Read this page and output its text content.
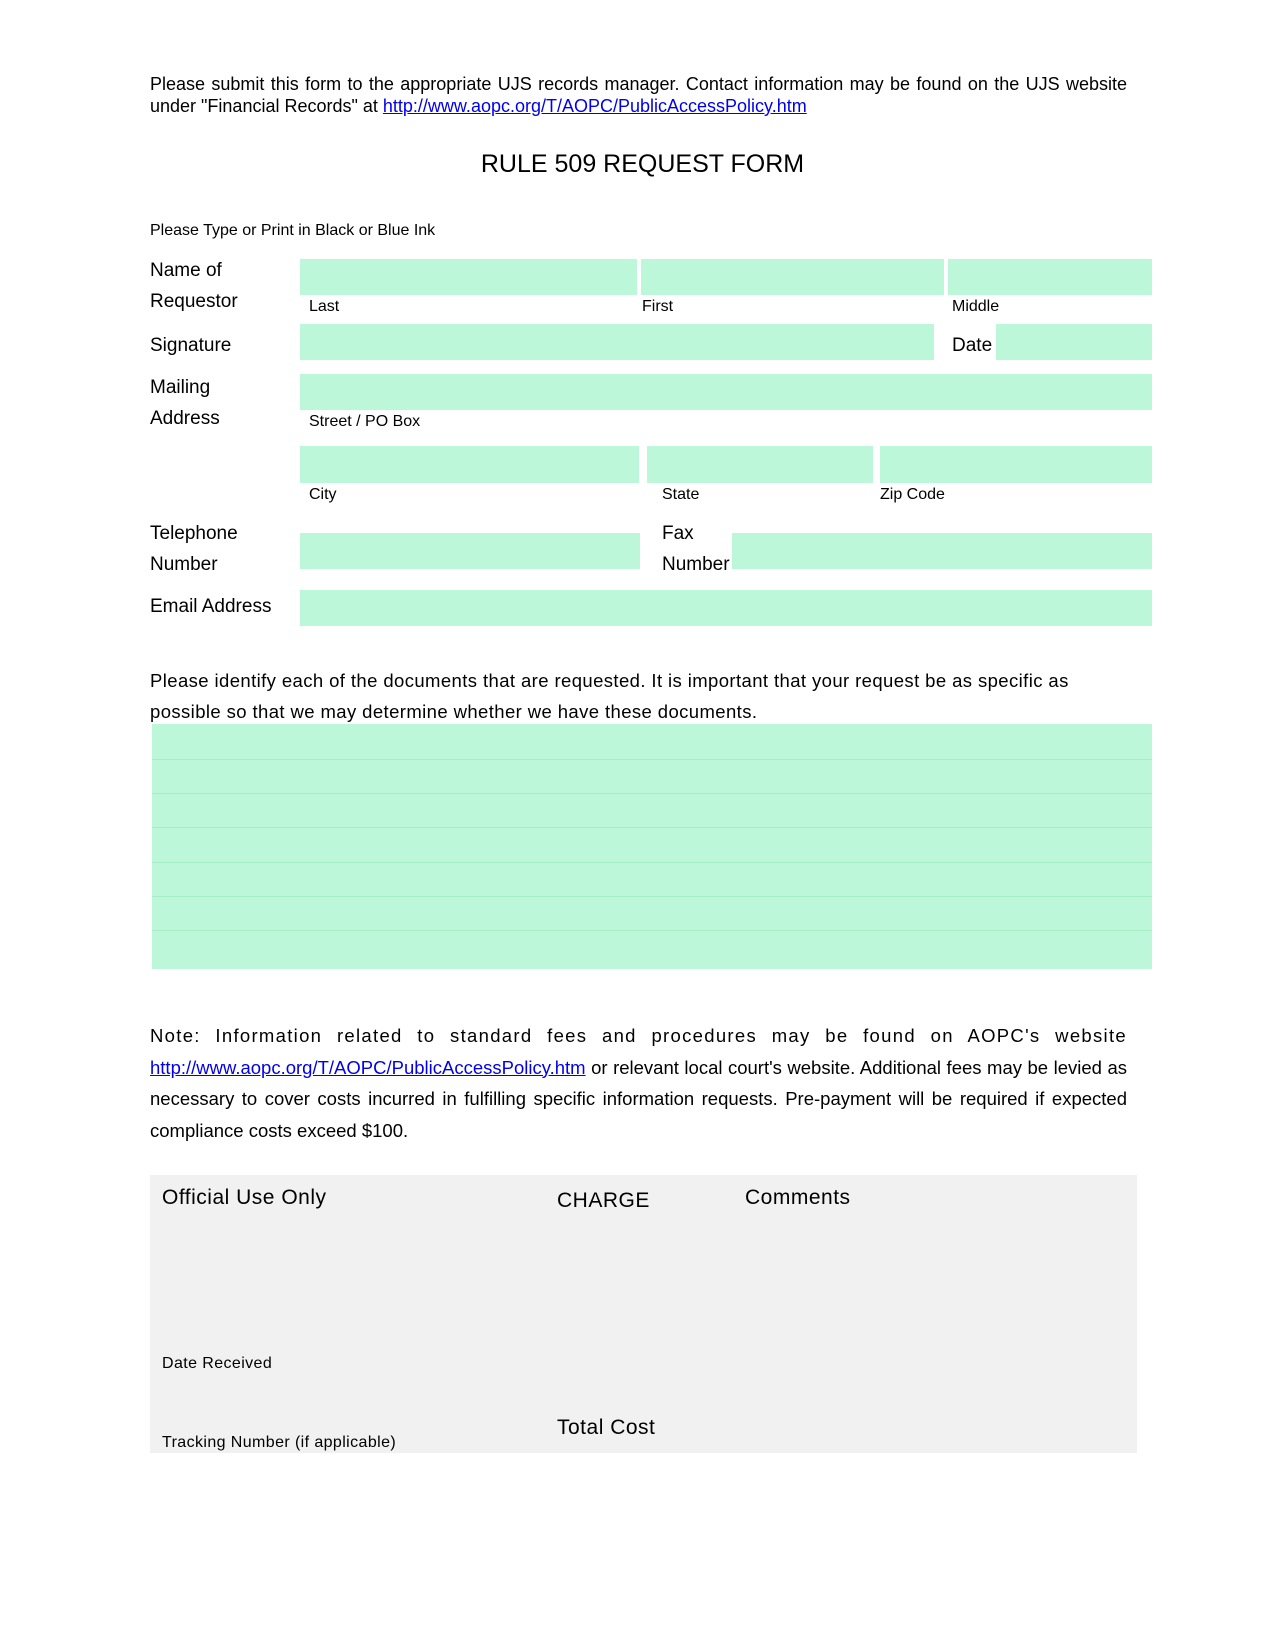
Please submit this form to the appropriate UJS records manager. Contact information may be found on the UJS website under "Financial Records" at http://www.aopc.org/T/AOPC/PublicAccessPolicy.htm
RULE 509 REQUEST FORM
Please Type or Print in Black or Blue Ink
Name of
Requestor	Last	First	Middle
Signature	Date
Mailing
Address	Street / PO Box
City	State	Zip Code
Telephone
Number
Fax
Number
Email Address
Please identify each of the documents that are requested. It is important that your request be as specific as possible so that we may determine whether we have these documents.
Note: Information related to standard fees and procedures may be found on AOPC's website http://www.aopc.org/T/AOPC/PublicAccessPolicy.htm or relevant local court's website. Additional fees may be levied as necessary to cover costs incurred in fulfilling specific information requests. Pre-payment will be required if expected compliance costs exceed $100.
Official Use Only	CHARGE	Comments
Date Received
Tracking Number (if applicable)
Total Cost
